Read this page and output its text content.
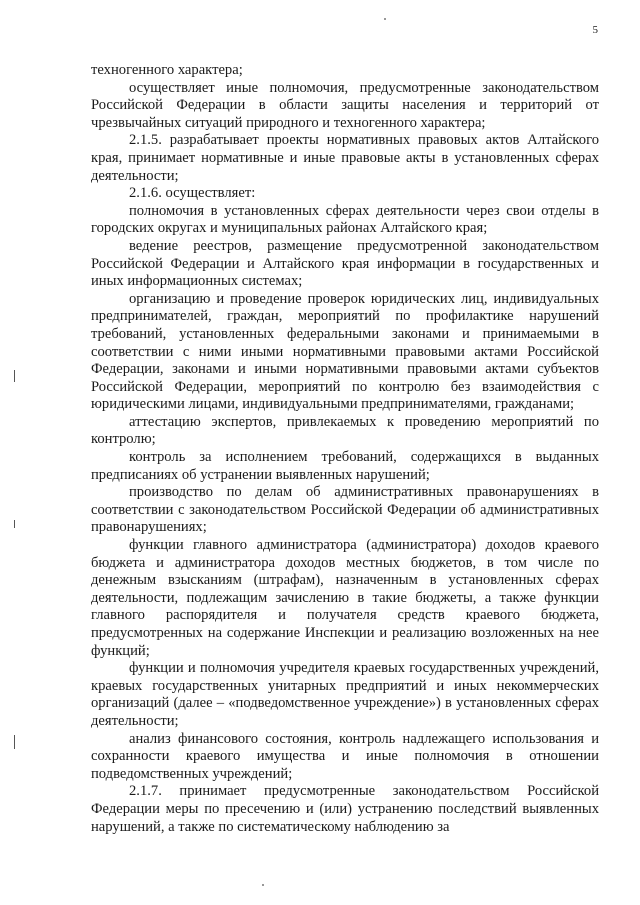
5

техногенного характера;

осуществляет иные полномочия, предусмотренные законодательством Российской Федерации в области защиты населения и территорий от чрезвычайных ситуаций природного и техногенного характера;

2.1.5. разрабатывает проекты нормативных правовых актов Алтайского края, принимает нормативные и иные правовые акты в установленных сферах деятельности;

2.1.6. осуществляет:

полномочия в установленных сферах деятельности через свои отделы в городских округах и муниципальных районах Алтайского края;

ведение реестров, размещение предусмотренной законодательством Российской Федерации и Алтайского края информации в государственных и иных информационных системах;

организацию и проведение проверок юридических лиц, индивидуальных предпринимателей, граждан, мероприятий по профилактике нарушений требований, установленных федеральными законами и принимаемыми в соответствии с ними иными нормативными правовыми актами Российской Федерации, законами и иными нормативными правовыми актами субъектов Российской Федерации, мероприятий по контролю без взаимодействия с юридическими лицами, индивидуальными предпринимателями, гражданами;

аттестацию экспертов, привлекаемых к проведению мероприятий по контролю;

контроль за исполнением требований, содержащихся в выданных предписаниях об устранении выявленных нарушений;

производство по делам об административных правонарушениях в соответствии с законодательством Российской Федерации об административных правонарушениях;

функции главного администратора (администратора) доходов краевого бюджета и администратора доходов местных бюджетов, в том числе по денежным взысканиям (штрафам), назначенным в установленных сферах деятельности, подлежащим зачислению в такие бюджеты, а также функции главного распорядителя и получателя средств краевого бюджета, предусмотренных на содержание Инспекции и реализацию возложенных на нее функций;

функции и полномочия учредителя краевых государственных учреждений, краевых государственных унитарных предприятий и иных некоммерческих организаций (далее – «подведомственное учреждение») в установленных сферах деятельности;

анализ финансового состояния, контроль надлежащего использования и сохранности краевого имущества и иные полномочия в отношении подведомственных учреждений;

2.1.7. принимает предусмотренные законодательством Российской Федерации меры по пресечению и (или) устранению последствий выявленных нарушений, а также по систематическому наблюдению за
